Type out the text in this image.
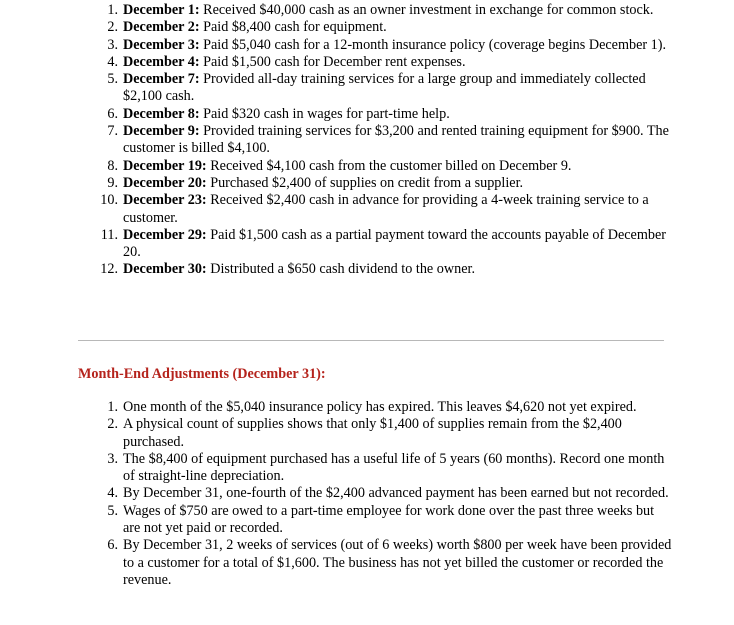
1. December 1: Received $40,000 cash as an owner investment in exchange for common stock.
2. December 2: Paid $8,400 cash for equipment.
3. December 3: Paid $5,040 cash for a 12-month insurance policy (coverage begins December 1).
4. December 4: Paid $1,500 cash for December rent expenses.
5. December 7: Provided all-day training services for a large group and immediately collected $2,100 cash.
6. December 8: Paid $320 cash in wages for part-time help.
7. December 9: Provided training services for $3,200 and rented training equipment for $900. The customer is billed $4,100.
8. December 19: Received $4,100 cash from the customer billed on December 9.
9. December 20: Purchased $2,400 of supplies on credit from a supplier.
10. December 23: Received $2,400 cash in advance for providing a 4-week training service to a customer.
11. December 29: Paid $1,500 cash as a partial payment toward the accounts payable of December 20.
12. December 30: Distributed a $650 cash dividend to the owner.
Month-End Adjustments (December 31):
1. One month of the $5,040 insurance policy has expired. This leaves $4,620 not yet expired.
2. A physical count of supplies shows that only $1,400 of supplies remain from the $2,400 purchased.
3. The $8,400 of equipment purchased has a useful life of 5 years (60 months). Record one month of straight-line depreciation.
4. By December 31, one-fourth of the $2,400 advanced payment has been earned but not recorded.
5. Wages of $750 are owed to a part-time employee for work done over the past three weeks but are not yet paid or recorded.
6. By December 31, 2 weeks of services (out of 6 weeks) worth $800 per week have been provided to a customer for a total of $1,600. The business has not yet billed the customer or recorded the revenue.
